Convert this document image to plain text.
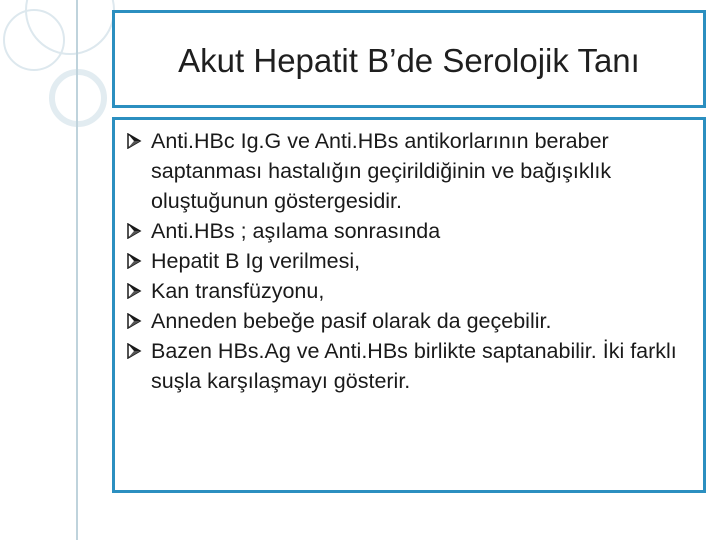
Akut Hepatit B’de Serolojik Tanı
Anti.HBc Ig.G ve Anti.HBs antikorlarının beraber saptanması hastalığın geçirildiğinin ve bağışıklık oluştuğunun göstergesidir.
Anti.HBs ; aşılama sonrasında
Hepatit B Ig verilmesi,
Kan transfüzyonu,
Anneden bebeğe pasif olarak da geçebilir.
Bazen HBs.Ag ve Anti.HBs birlikte saptanabilir. İki farklı suşla karşılaşmayı gösterir.
